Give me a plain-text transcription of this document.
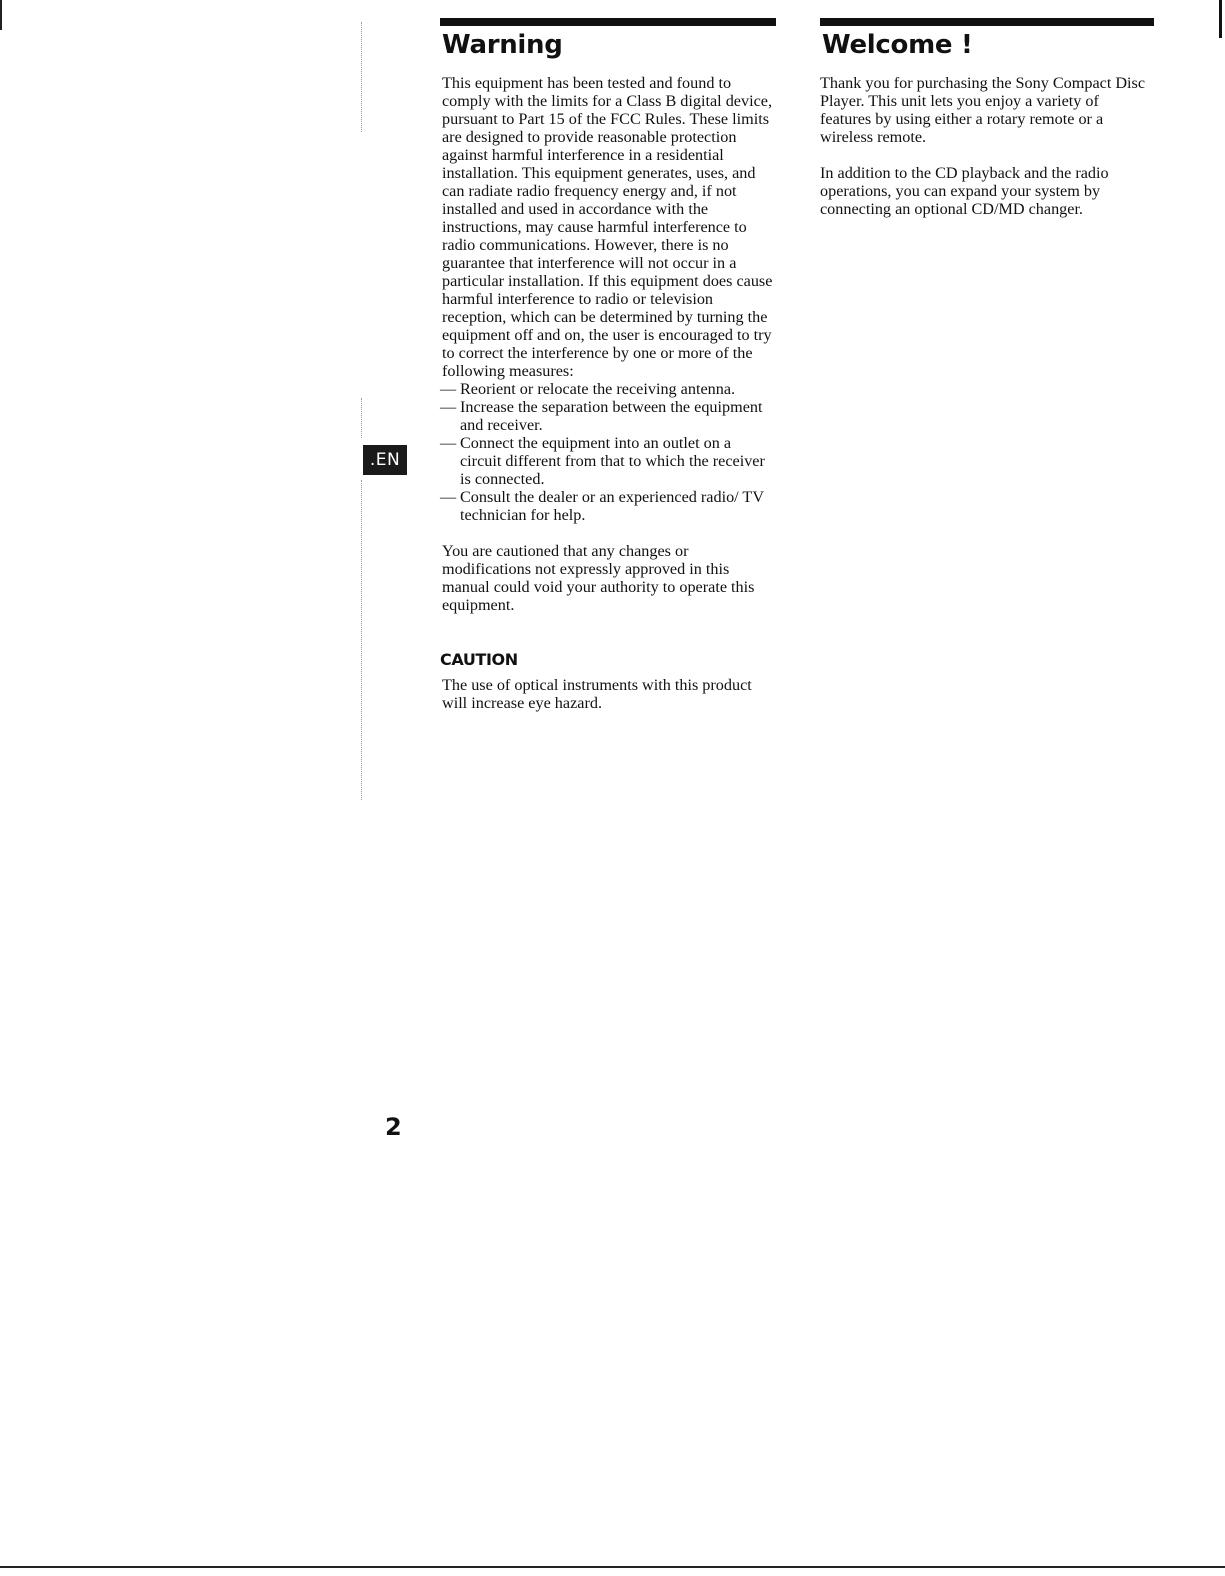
Warning

This equipment has been tested and found to comply with the limits for a Class B digital device, pursuant to Part 15 of the FCC Rules. These limits are designed to provide reasonable protection against harmful interference in a residential installation. This equipment generates, uses, and can radiate radio frequency energy and, if not installed and used in accordance with the instructions, may cause harmful interference to radio communications. However, there is no guarantee that interference will not occur in a particular installation. If this equipment does cause harmful interference to radio or television reception, which can be determined by turning the equipment off and on, the user is encouraged to try to correct the interference by one or more of the following measures:

— Reorient or relocate the receiving antenna.
— Increase the separation between the equipment and receiver.
— Connect the equipment into an outlet on a circuit different from that to which the receiver is connected.
— Consult the dealer or an experienced radio/ TV technician for help.

You are cautioned that any changes or modifications not expressly approved in this manual could void your authority to operate this equipment.

CAUTION

The use of optical instruments with this product will increase eye hazard.

Welcome !

Thank you for purchasing the Sony Compact Disc Player. This unit lets you enjoy a variety of features by using either a rotary remote or a wireless remote.

In addition to the CD playback and the radio operations, you can expand your system by connecting an optional CD/MD changer.

.EN
2
